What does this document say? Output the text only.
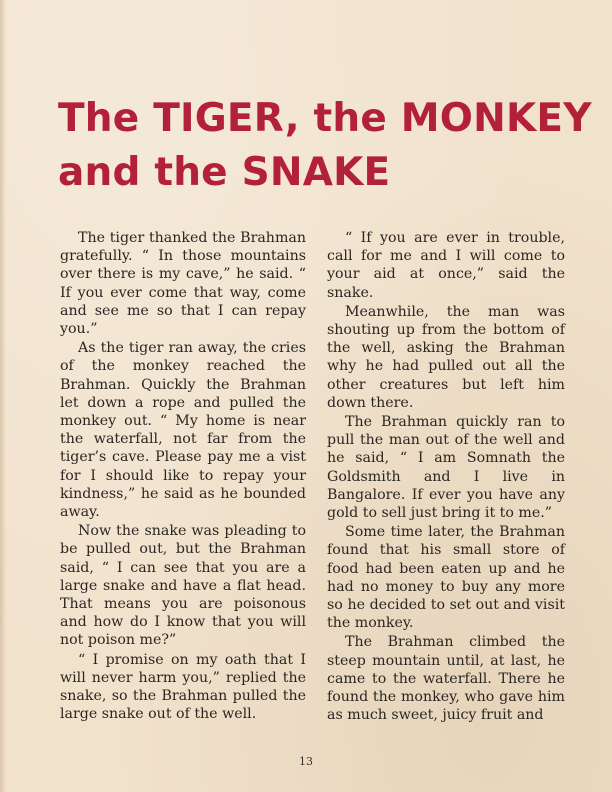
The TIGER, the MONKEY
and the SNAKE

The tiger thanked the Brahman gratefully. “ In those mountains over there is my cave,” he said. “ If you ever come that way, come and see me so that I can repay you.”

As the tiger ran away, the cries of the monkey reached the Brahman. Quickly the Brahman let down a rope and pulled the monkey out. “ My home is near the waterfall, not far from the tiger’s cave. Please pay me a vist for I should like to repay your kindness,” he said as he bounded away.

Now the snake was pleading to be pulled out, but the Brahman said, “ I can see that you are a large snake and have a flat head. That means you are poisonous and how do I know that you will not poison me?”

“ I promise on my oath that I will never harm you,” replied the snake, so the Brahman pulled the large snake out of the well.

“ If you are ever in trouble, call for me and I will come to your aid at once,” said the snake.

Meanwhile, the man was shouting up from the bottom of the well, asking the Brahman why he had pulled out all the other creatures but left him down there.

The Brahman quickly ran to pull the man out of the well and he said, “ I am Somnath the Goldsmith and I live in Bangalore. If ever you have any gold to sell just bring it to me.”

Some time later, the Brahman found that his small store of food had been eaten up and he had no money to buy any more so he decided to set out and visit the monkey.

The Brahman climbed the steep mountain until, at last, he came to the waterfall. There he found the monkey, who gave him as much sweet, juicy fruit and

13
